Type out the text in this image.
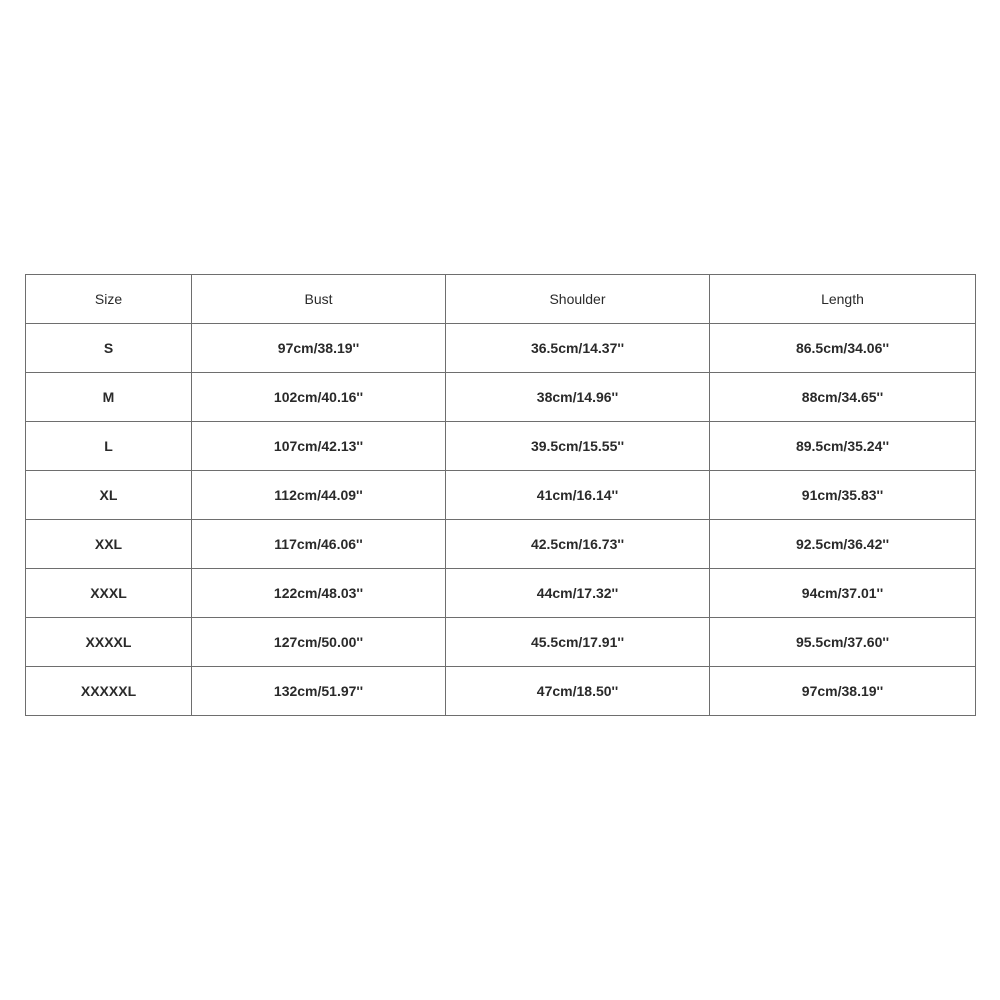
Size	Bust	Shoulder	Length
S	97cm/38.19''	36.5cm/14.37''	86.5cm/34.06''
M	102cm/40.16''	38cm/14.96''	88cm/34.65''
L	107cm/42.13''	39.5cm/15.55''	89.5cm/35.24''
XL	112cm/44.09''	41cm/16.14''	91cm/35.83''
XXL	117cm/46.06''	42.5cm/16.73''	92.5cm/36.42''
XXXL	122cm/48.03''	44cm/17.32''	94cm/37.01''
XXXXL	127cm/50.00''	45.5cm/17.91''	95.5cm/37.60''
XXXXXL	132cm/51.97''	47cm/18.50''	97cm/38.19''
